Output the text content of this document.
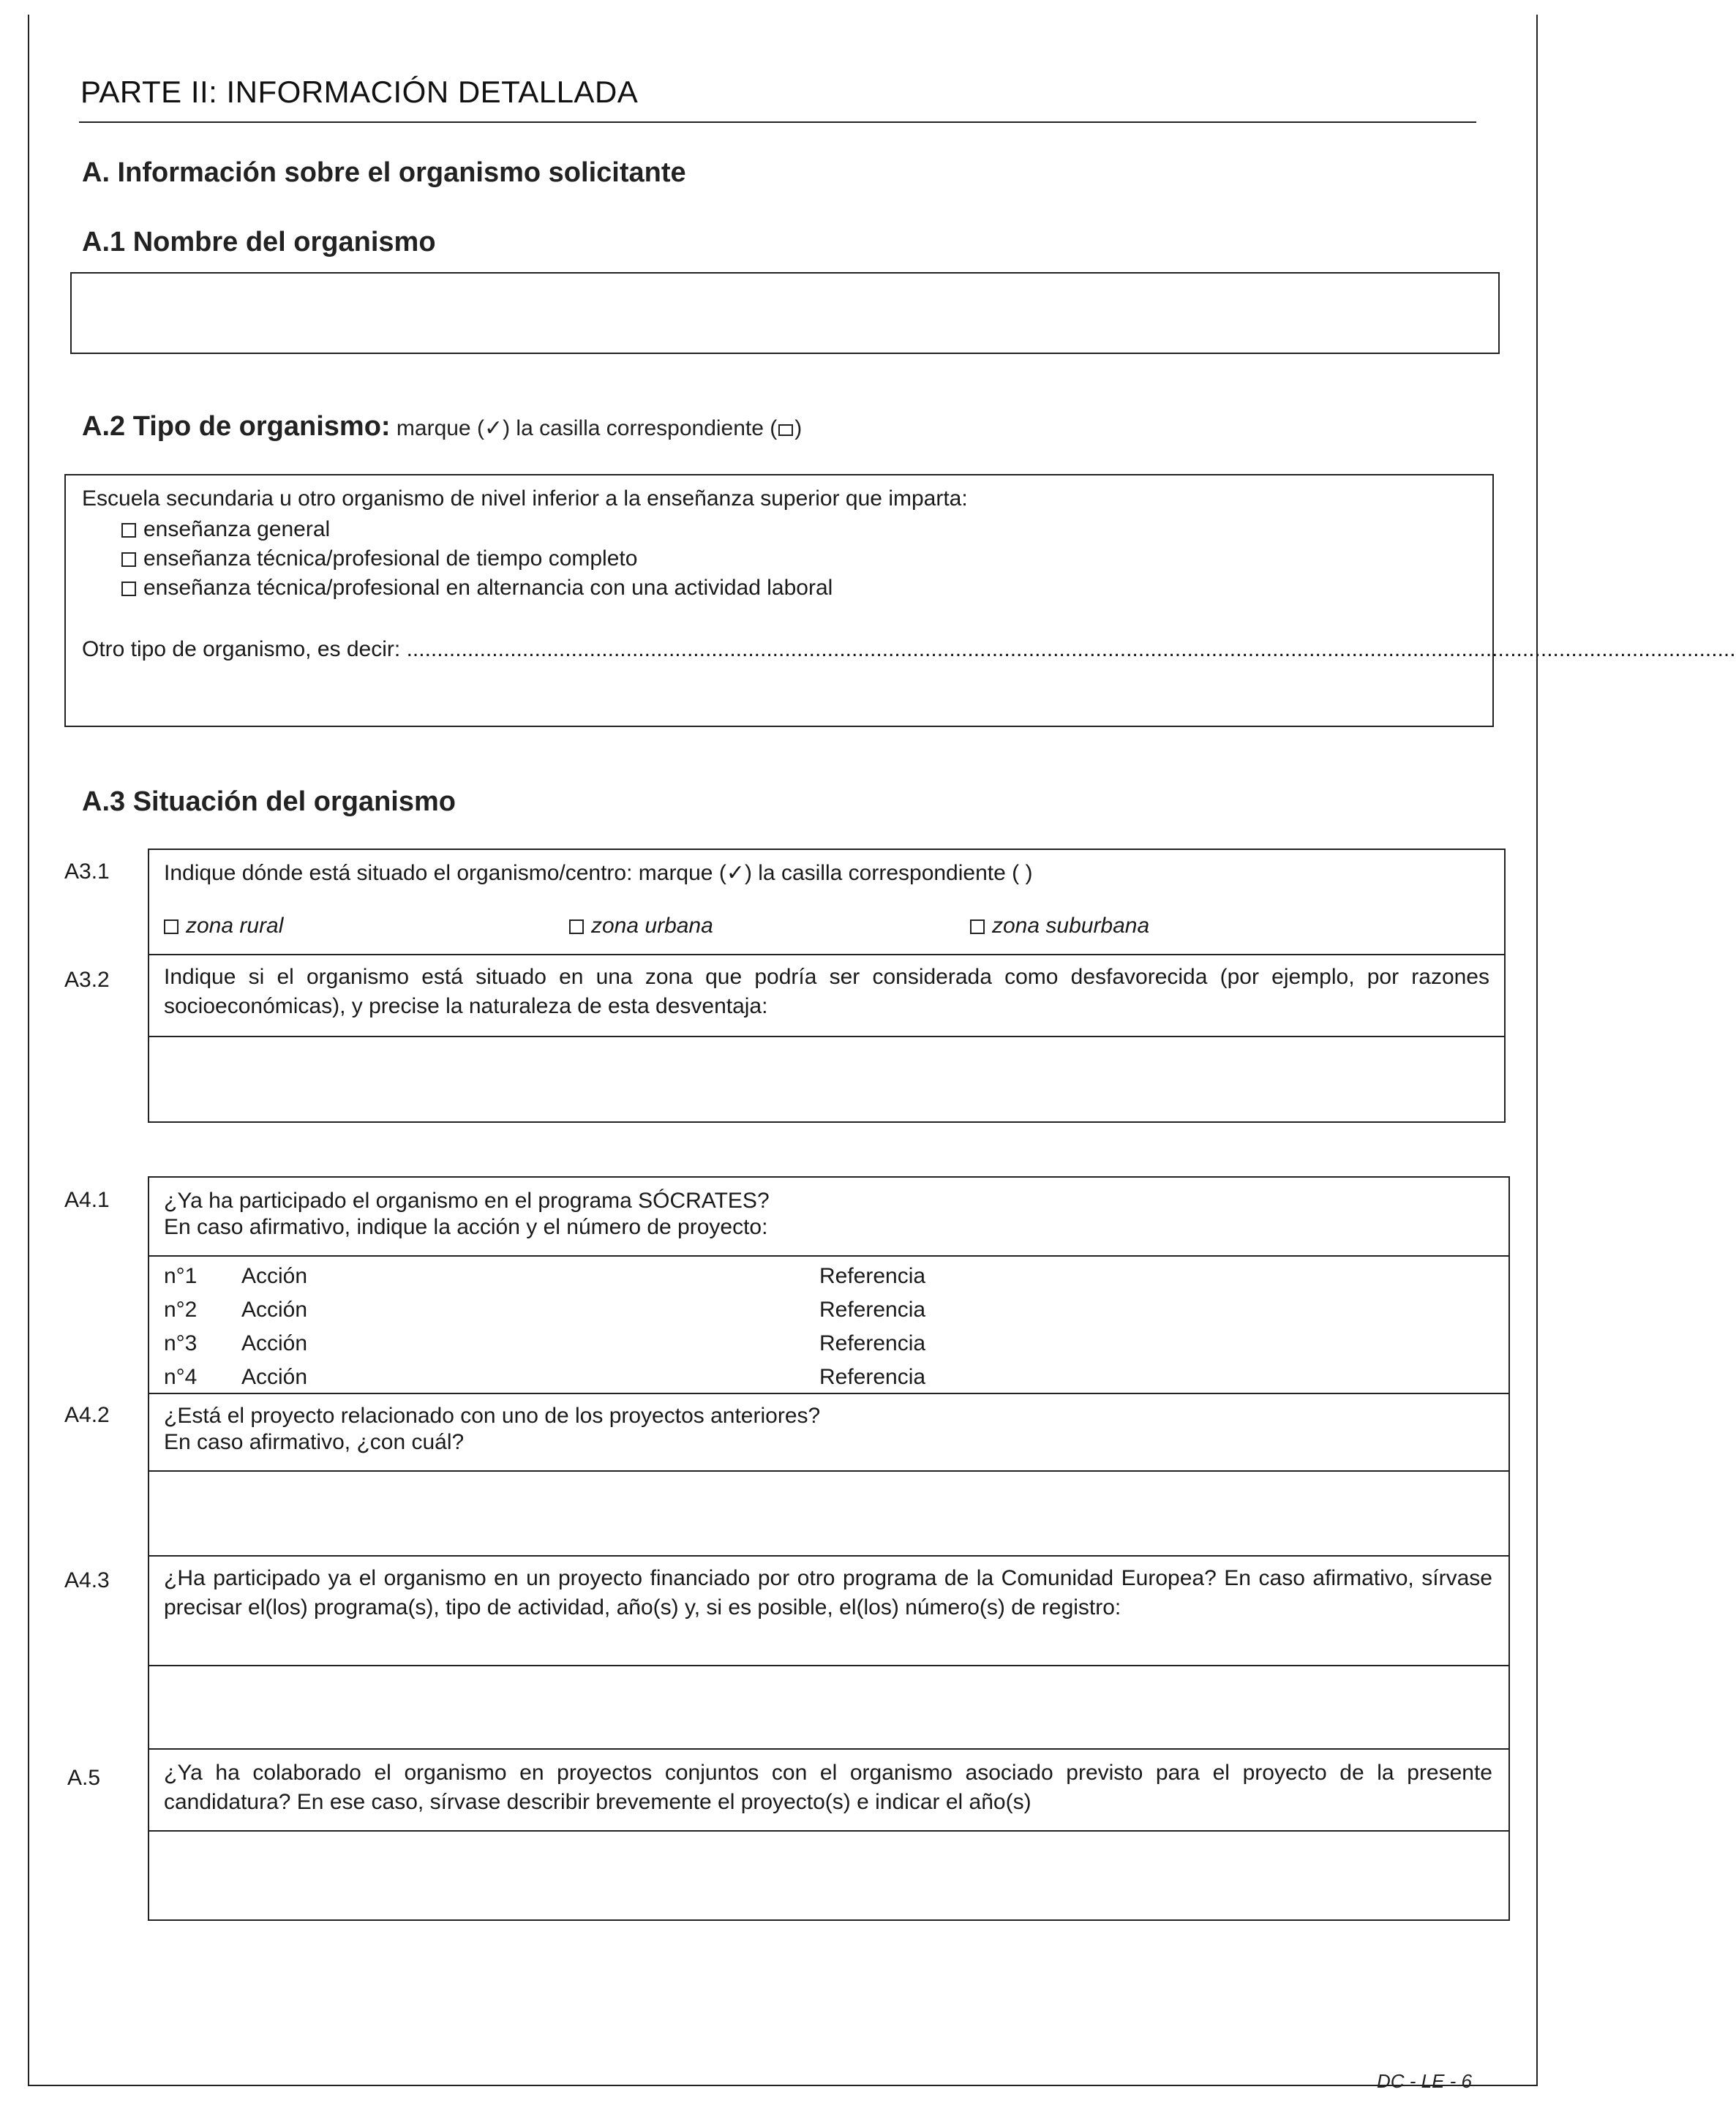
PARTE II: INFORMACIÓN DETALLADA
A. Información sobre el organismo solicitante
A.1 Nombre del organismo
A.2 Tipo de organismo: marque (✓) la casilla correspondiente ( )
Escuela secundaria u otro organismo de nivel inferior a la enseñanza superior que imparta:
enseñanza general
enseñanza técnica/profesional de tiempo completo
enseñanza técnica/profesional en alternancia con una actividad laboral
Otro tipo de organismo, es decir: ..........................................................................................................................................................................................................................
A.3 Situación del organismo
A3.1
A3.2
Indique dónde está situado el organismo/centro: marque (✓) la casilla correspondiente ( )
zona rural	zona urbana	zona suburbana
Indique si el organismo está situado en una zona que podría ser considerada como desfavorecida (por ejemplo, por razones socioeconómicas), y precise la naturaleza de esta desventaja:
A4.1
A4.2
A4.3
A.5
¿Ya ha participado el organismo en el programa SÓCRATES?
En caso afirmativo, indique la acción y el número de proyecto:
n°1 Acción	Referencia
n°2 Acción	Referencia
n°3 Acción	Referencia
n°4 Acción	Referencia
¿Está el proyecto relacionado con uno de los proyectos anteriores?
En caso afirmativo, ¿con cuál?
¿Ha participado ya el organismo en un proyecto financiado por otro programa de la Comunidad Europea? En caso afirmativo, sírvase precisar el(los) programa(s), tipo de actividad, año(s) y, si es posible, el(los) número(s) de registro:
¿Ya ha colaborado el organismo en proyectos conjuntos con el organismo asociado previsto para el proyecto de la presente candidatura? En ese caso, sírvase describir brevemente el proyecto(s) e indicar el año(s)
DC - LE - 6
